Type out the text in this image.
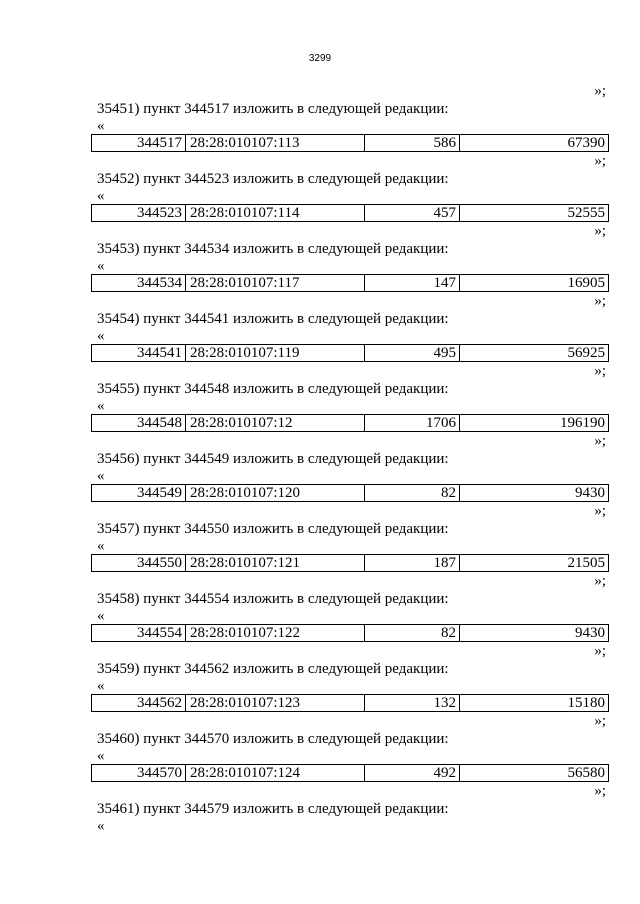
3299
»;
35451) пункт 344517 изложить в следующей редакции:
«
344517 28:28:010107:113	586	67390
»;
35452) пункт 344523 изложить в следующей редакции:
«
344523 28:28:010107:114	457	52555
»;
35453) пункт 344534 изложить в следующей редакции:
«
344534 28:28:010107:117	147	16905
»;
35454) пункт 344541 изложить в следующей редакции:
«
344541 28:28:010107:119	495	56925
»;
35455) пункт 344548 изложить в следующей редакции:
«
344548 28:28:010107:12	1706	196190
»;
35456) пункт 344549 изложить в следующей редакции:
«
344549 28:28:010107:120	82	9430
»;
35457) пункт 344550 изложить в следующей редакции:
«
344550 28:28:010107:121	187	21505
»;
35458) пункт 344554 изложить в следующей редакции:
«
344554 28:28:010107:122	82	9430
»;
35459) пункт 344562 изложить в следующей редакции:
«
344562 28:28:010107:123	132	15180
»;
35460) пункт 344570 изложить в следующей редакции:
«
344570 28:28:010107:124	492	56580
»;
35461) пункт 344579 изложить в следующей редакции:
«
